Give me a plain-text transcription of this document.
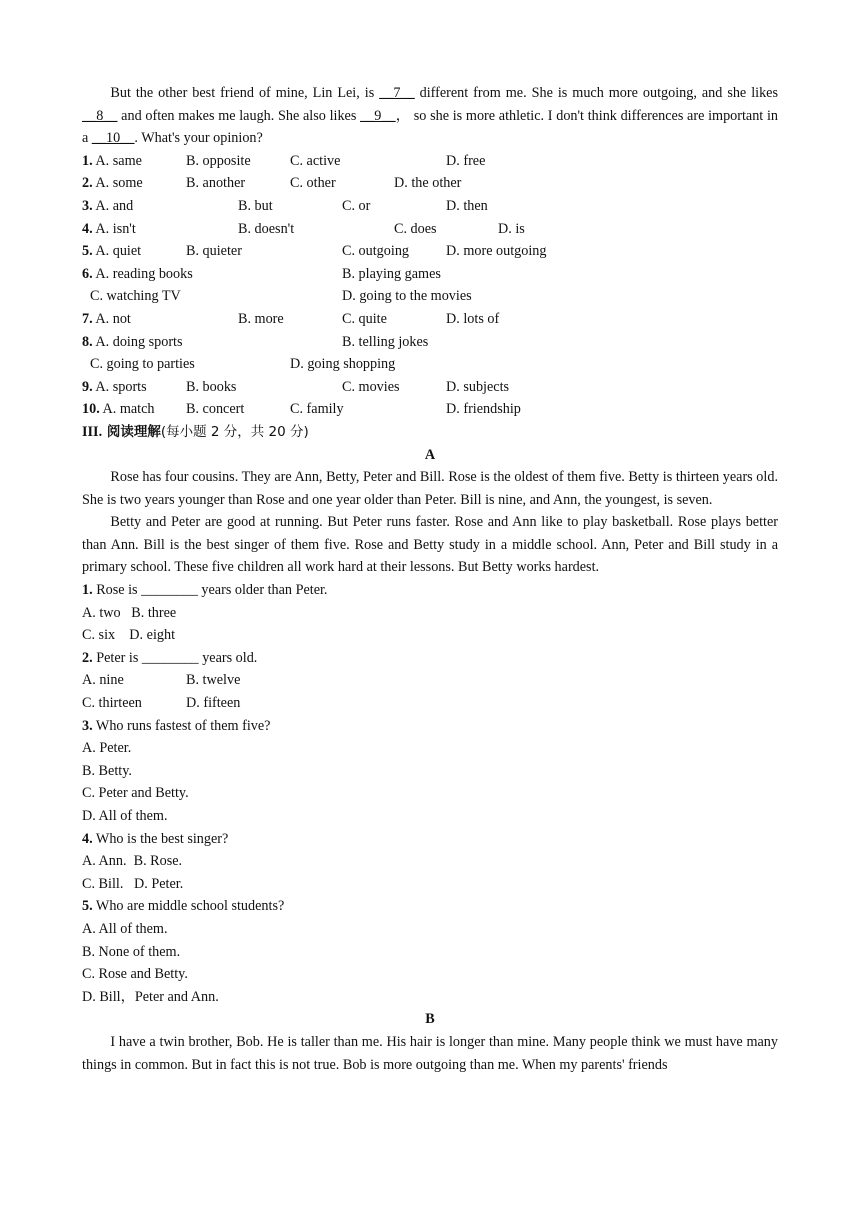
But the other best friend of mine, Lin Lei, is __7__ different from me. She is much more outgoing, and she likes __8__ and often makes me laugh. She also likes __9__， so she is more athletic. I don't think differences are important in a __10__. What's your opinion?

1. A. same	B. opposite	C. active	D. free
2. A. some	B. another	C. other	D. the other
3. A. and	B. but	C. or	D. then
4. A. isn't	B. doesn't	C. does	D. is
5. A. quiet	B. quieter	C. outgoing	D. more outgoing
6. A. reading books	B. playing games
C. watching TV	D. going to the movies
7. A. not	B. more	C. quite	D. lots of
8. A. doing sports	B. telling jokes
C. going to parties	D. going shopping
9. A. sports	B. books	C. movies	D. subjects
10. A. match B. concert	C. family	D. friendship

III. 阅读理解(每小题 2 分，共 20 分)

A

Rose has four cousins. They are Ann, Betty, Peter and Bill. Rose is the oldest of them five. Betty is thirteen years old. She is two years younger than Rose and one year older than Peter. Bill is nine, and Ann, the youngest, is seven.

Betty and Peter are good at running. But Peter runs faster. Rose and Ann like to play basketball. Rose plays better than Ann. Bill is the best singer of them five. Rose and Betty study in a middle school. Ann, Peter and Bill study in a primary school. These five children all work hard at their lessons. But Betty works hardest.

1. Rose is ________ years older than Peter.

A. two   B. three

C. six    D. eight

2. Peter is ________ years old.

A. nine	B. twelve
C. thirteen	D. fifteen

3. Who runs fastest of them five?

A. Peter.

B. Betty.

C. Peter and Betty.

D. All of them.

4. Who is the best singer?

A. Ann.  B. Rose.

C. Bill.   D. Peter.

5. Who are middle school students?

A. All of them.

B. None of them.

C. Rose and Betty.

D. Bill，Peter and Ann.

B

I have a twin brother, Bob. He is taller than me. His hair is longer than mine. Many people think we must have many things in common. But in fact this is not true. Bob is more outgoing than me. When my parents' friends
